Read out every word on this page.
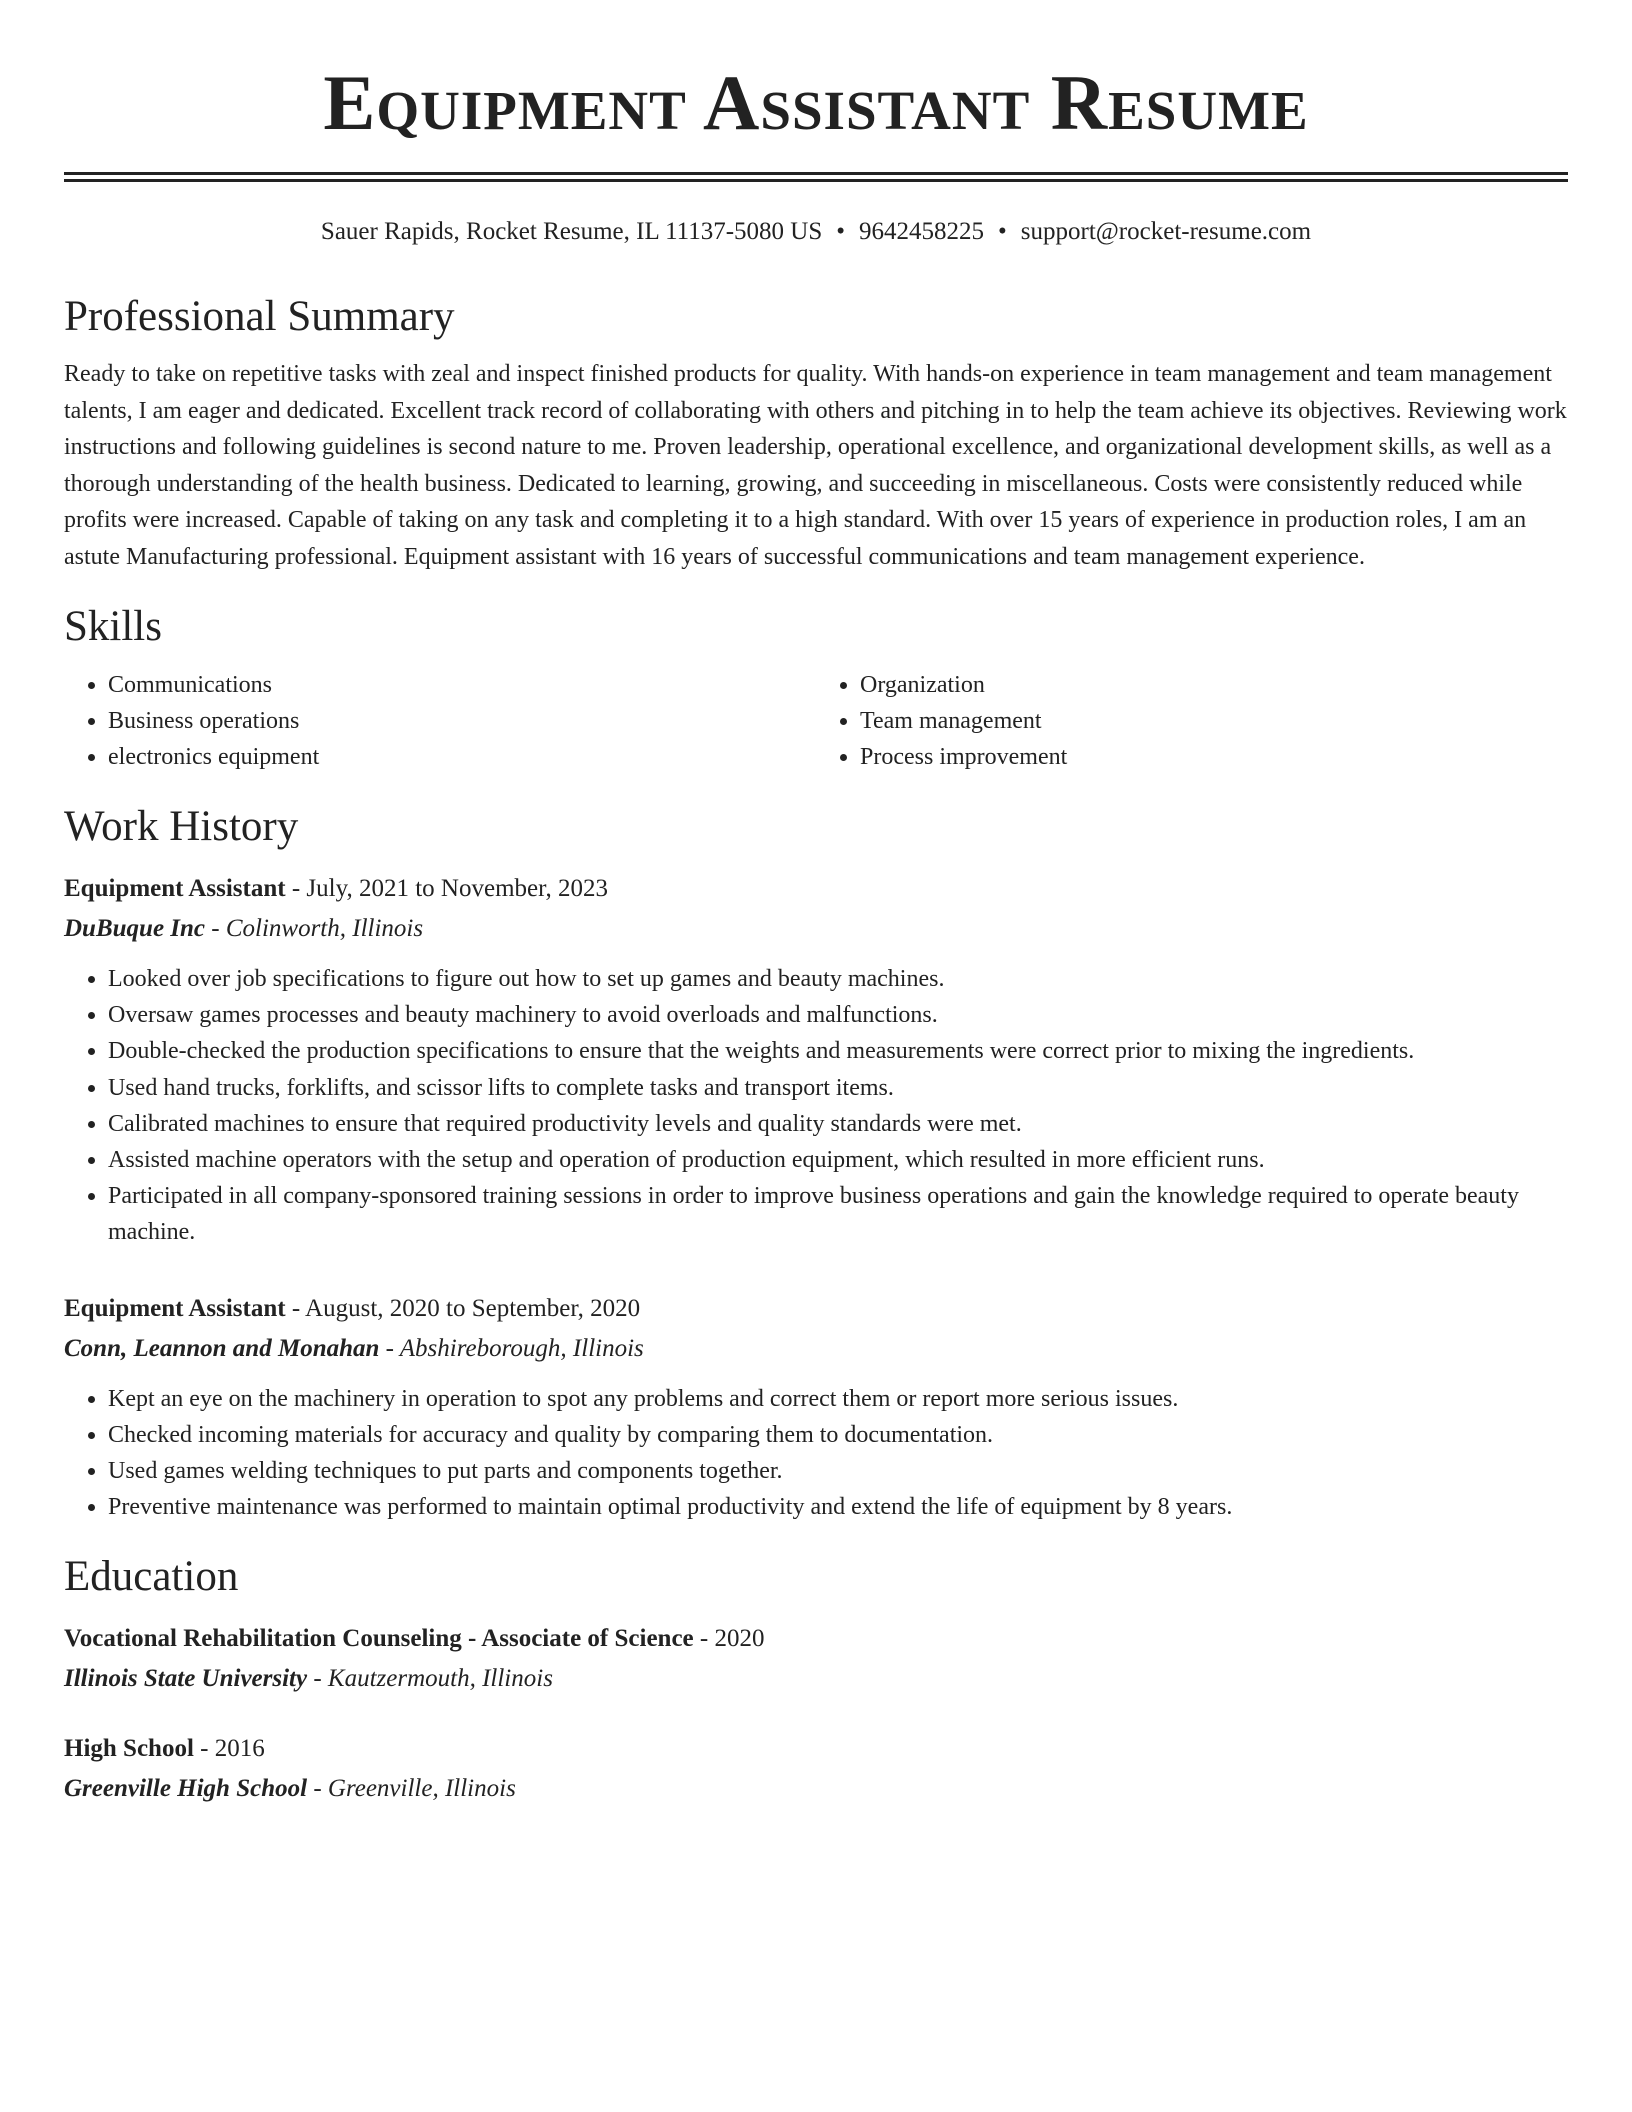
Equipment Assistant Resume
Sauer Rapids, Rocket Resume, IL 11137-5080 US • 9642458225 • support@rocket-resume.com
Professional Summary
Ready to take on repetitive tasks with zeal and inspect finished products for quality. With hands-on experience in team management and team management talents, I am eager and dedicated. Excellent track record of collaborating with others and pitching in to help the team achieve its objectives. Reviewing work instructions and following guidelines is second nature to me. Proven leadership, operational excellence, and organizational development skills, as well as a thorough understanding of the health business. Dedicated to learning, growing, and succeeding in miscellaneous. Costs were consistently reduced while profits were increased. Capable of taking on any task and completing it to a high standard. With over 15 years of experience in production roles, I am an astute Manufacturing professional. Equipment assistant with 16 years of successful communications and team management experience.
Skills
• Communications
• Business operations
• electronics equipment
• Organization
• Team management
• Process improvement
Work History
Equipment Assistant - July, 2021 to November, 2023
DuBuque Inc - Colinworth, Illinois
• Looked over job specifications to figure out how to set up games and beauty machines.
• Oversaw games processes and beauty machinery to avoid overloads and malfunctions.
• Double-checked the production specifications to ensure that the weights and measurements were correct prior to mixing the ingredients.
• Used hand trucks, forklifts, and scissor lifts to complete tasks and transport items.
• Calibrated machines to ensure that required productivity levels and quality standards were met.
• Assisted machine operators with the setup and operation of production equipment, which resulted in more efficient runs.
• Participated in all company-sponsored training sessions in order to improve business operations and gain the knowledge required to operate beauty machine.
Equipment Assistant - August, 2020 to September, 2020
Conn, Leannon and Monahan - Abshireborough, Illinois
• Kept an eye on the machinery in operation to spot any problems and correct them or report more serious issues.
• Checked incoming materials for accuracy and quality by comparing them to documentation.
• Used games welding techniques to put parts and components together.
• Preventive maintenance was performed to maintain optimal productivity and extend the life of equipment by 8 years.
Education
Vocational Rehabilitation Counseling - Associate of Science - 2020
Illinois State University - Kautzermouth, Illinois
High School - 2016
Greenville High School - Greenville, Illinois
